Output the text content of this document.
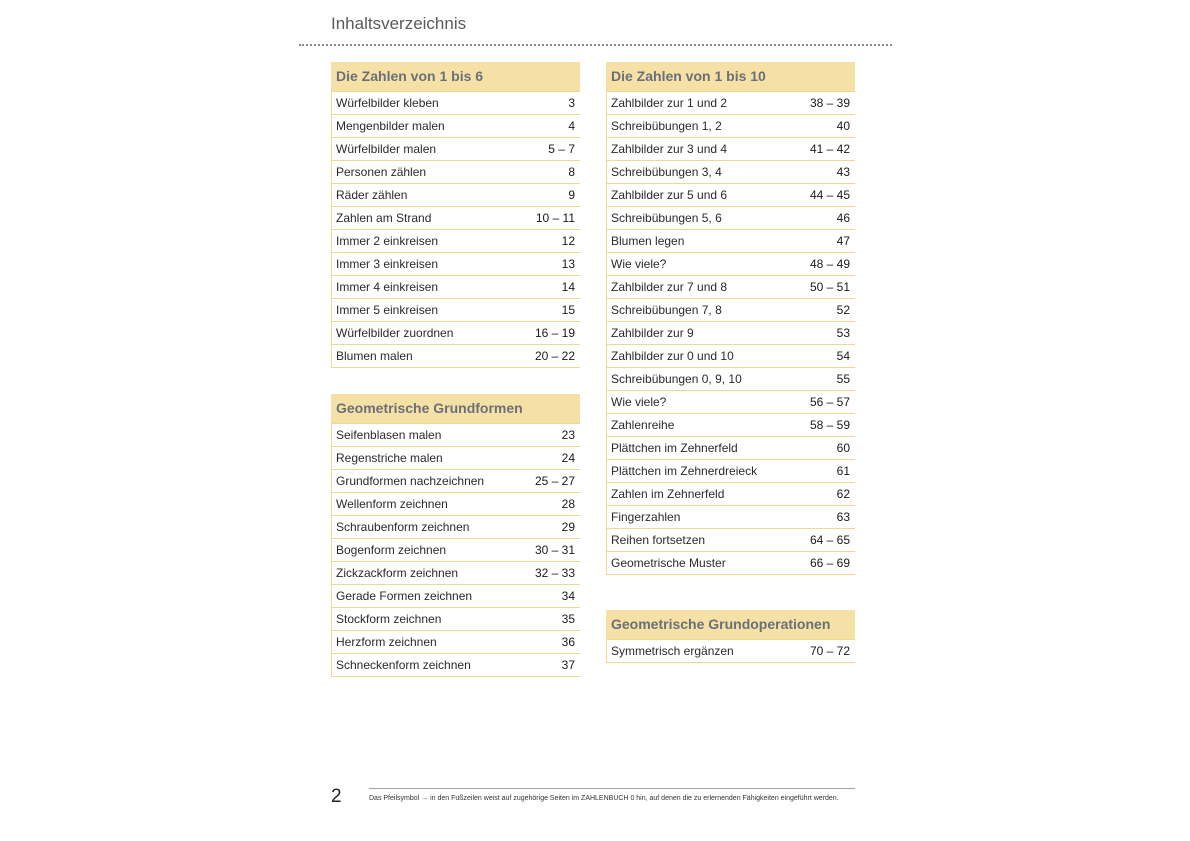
Inhaltsverzeichnis
Die Zahlen von 1 bis 6
Würfelbilder kleben	3
Mengenbilder malen	4
Würfelbilder malen	5 – 7
Personen zählen	8
Räder zählen	9
Zahlen am Strand	10 – 11
Immer 2 einkreisen	12
Immer 3 einkreisen	13
Immer 4 einkreisen	14
Immer 5 einkreisen	15
Würfelbilder zuordnen	16 – 19
Blumen malen	20 – 22
Geometrische Grundformen
Seifenblasen malen	23
Regenstriche malen	24
Grundformen nachzeichnen	25 – 27
Wellenform zeichnen	28
Schraubenform zeichnen	29
Bogenform zeichnen	30 – 31
Zickzackform zeichnen	32 – 33
Gerade Formen zeichnen	34
Stockform zeichnen	35
Herzform zeichnen	36
Schneckenform zeichnen	37
Die Zahlen von 1 bis 10
Zahlbilder zur 1 und 2	38 – 39
Schreibübungen 1, 2	40
Zahlbilder zur 3 und 4	41 – 42
Schreibübungen 3, 4	43
Zahlbilder zur 5 und 6	44 – 45
Schreibübungen 5, 6	46
Blumen legen	47
Wie viele?	48 – 49
Zahlbilder zur 7 und 8	50 – 51
Schreibübungen 7, 8	52
Zahlbilder zur 9	53
Zahlbilder zur 0 und 10	54
Schreibübungen 0, 9, 10	55
Wie viele?	56 – 57
Zahlenreihe	58 – 59
Plättchen im Zehnerfeld	60
Plättchen im Zehnerdreieck	61
Zahlen im Zehnerfeld	62
Fingerzahlen	63
Reihen fortsetzen	64 – 65
Geometrische Muster	66 – 69
Geometrische Grundoperationen
Symmetrisch ergänzen	70 – 72
2	Das Pfeilsymbol → in den Fußzeilen weist auf zugehörige Seiten im ZAHLENBUCH 0 hin, auf denen die zu erlernenden Fähigkeiten eingeführt werden.
